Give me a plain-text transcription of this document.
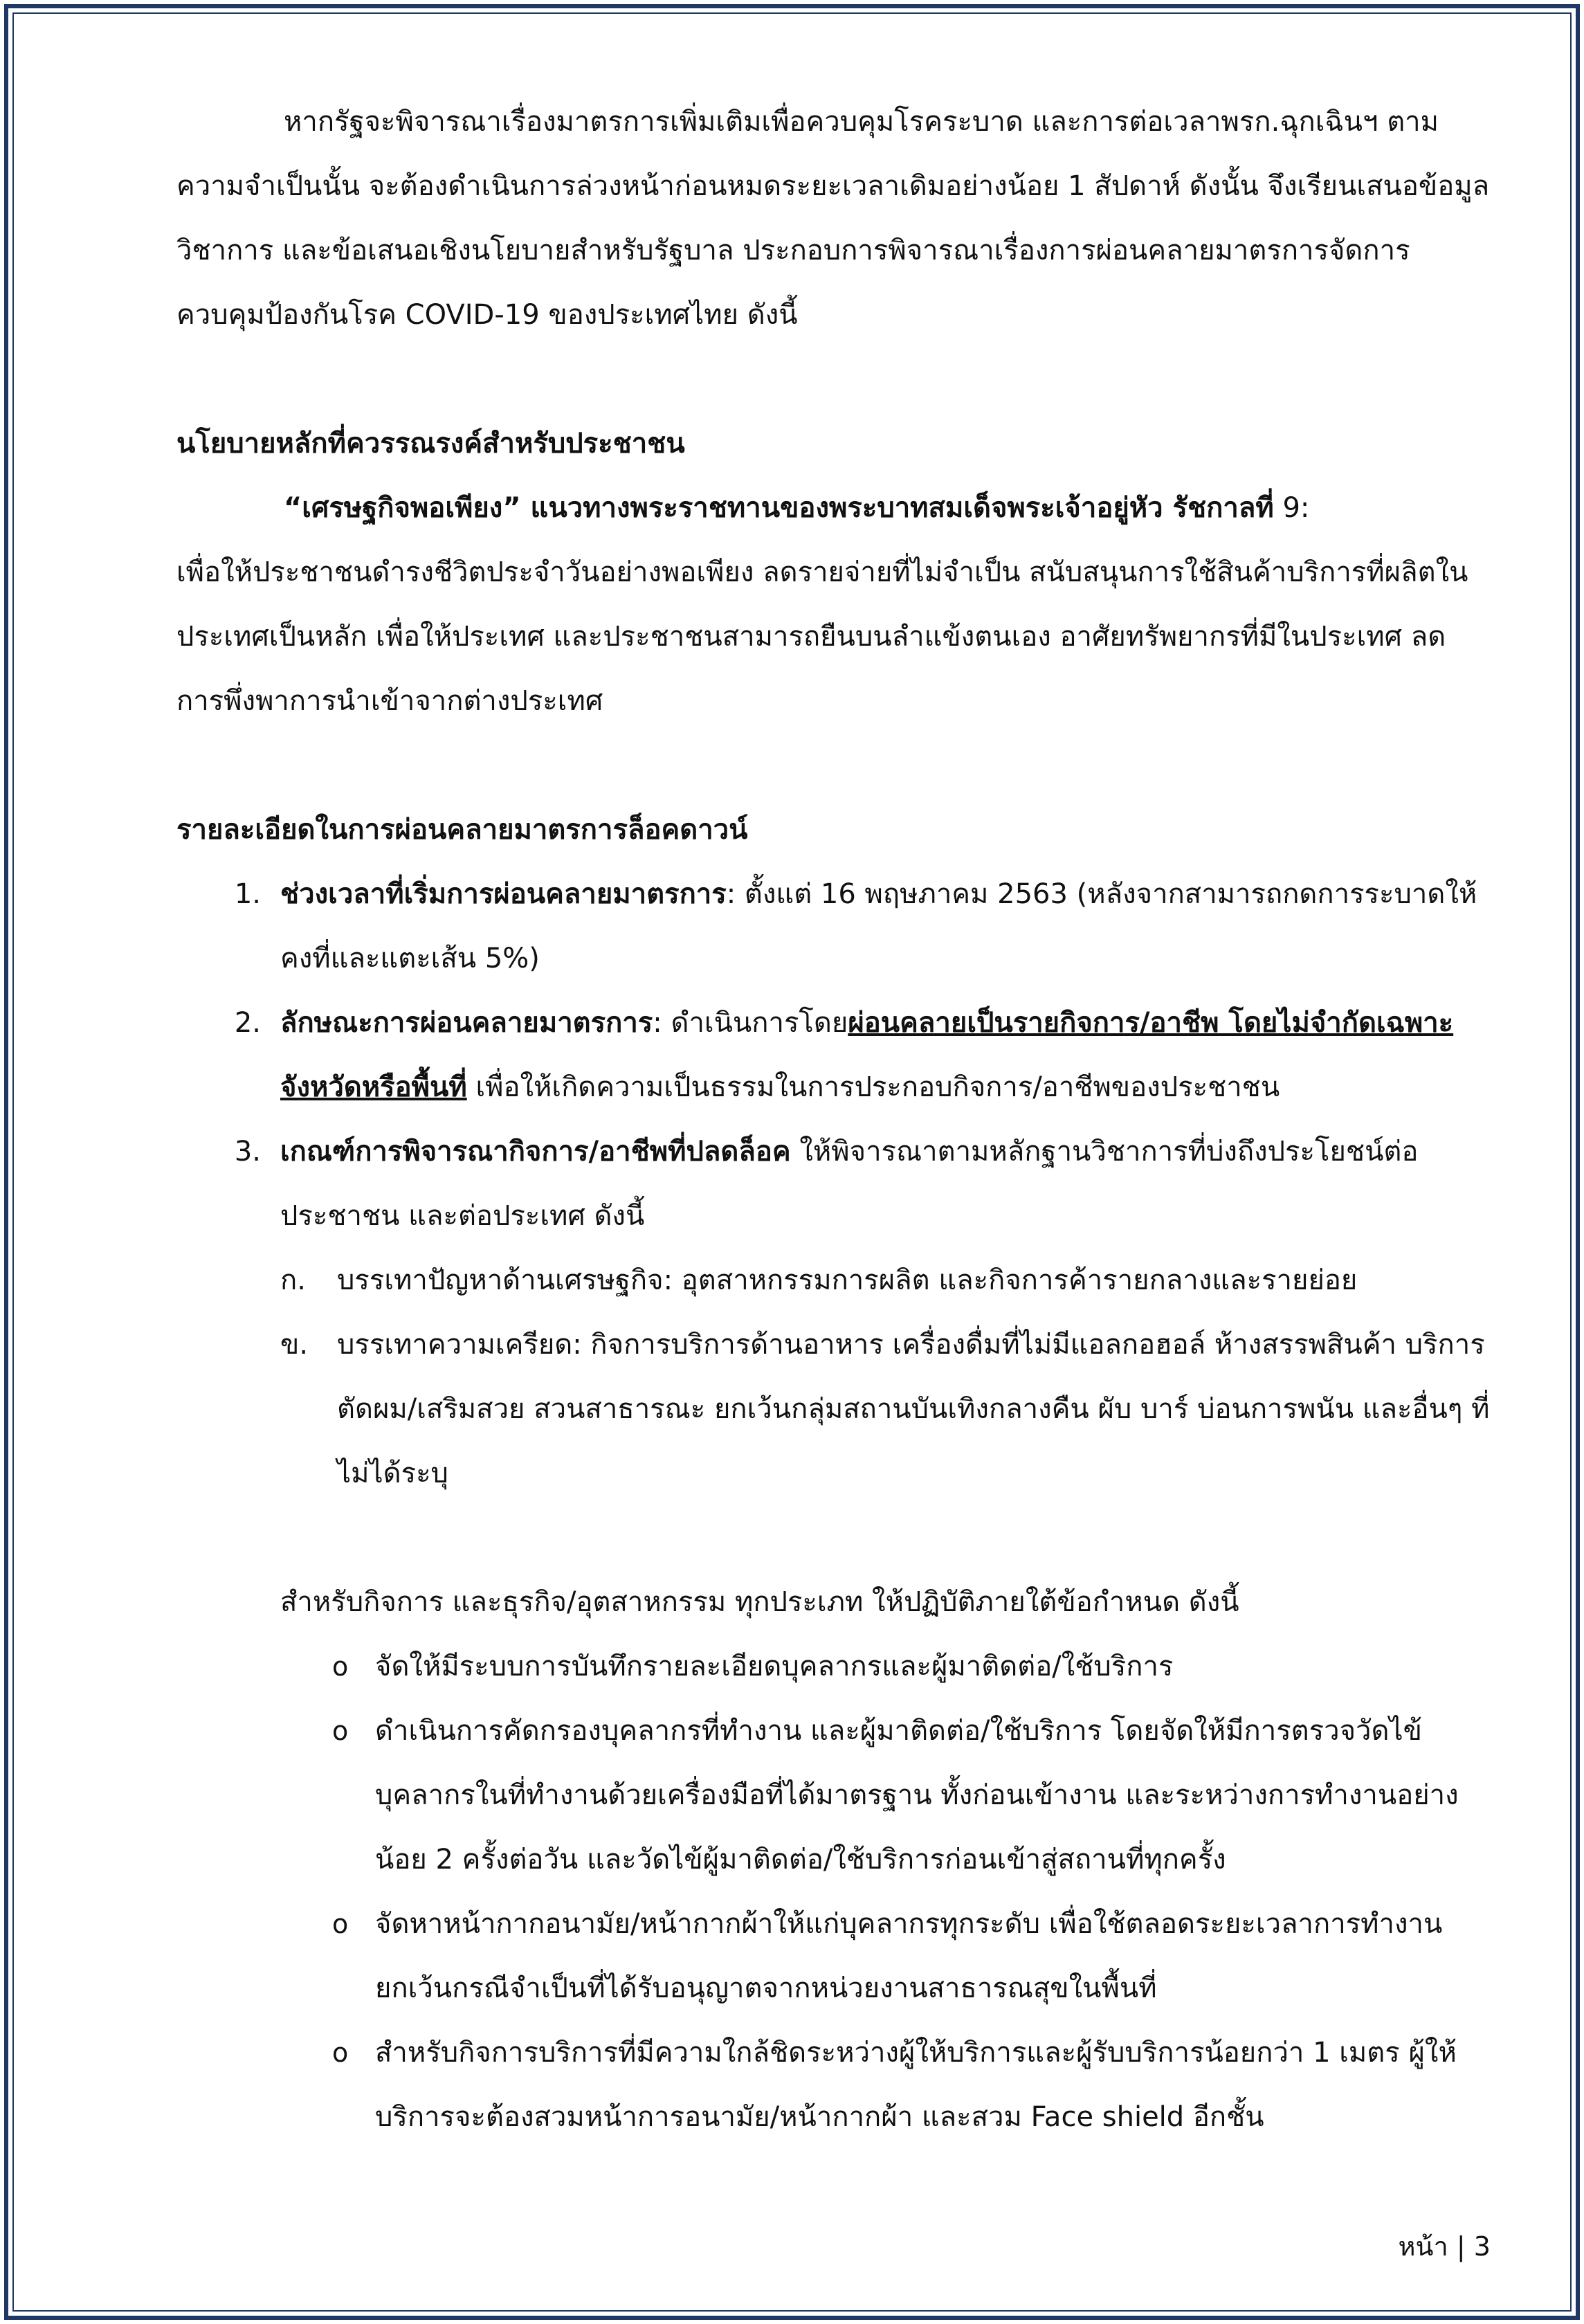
หากรัฐจะพิจารณาเรื่องมาตรการเพิ่มเติมเพื่อควบคุมโรคระบาด และการต่อเวลาพรก.ฉุกเฉินฯ ตามความจำเป็นนั้น จะต้องดำเนินการล่วงหน้าก่อนหมดระยะเวลาเดิมอย่างน้อย 1 สัปดาห์ ดังนั้น จึงเรียนเสนอข้อมูลวิชาการ และข้อเสนอเชิงนโยบายสำหรับรัฐบาล ประกอบการพิจารณาเรื่องการผ่อนคลายมาตรการจัดการควบคุมป้องกันโรค COVID-19 ของประเทศไทย ดังนี้

นโยบายหลักที่ควรรณรงค์สำหรับประชาชน

“เศรษฐกิจพอเพียง” แนวทางพระราชทานของพระบาทสมเด็จพระเจ้าอยู่หัว รัชกาลที่ 9:

เพื่อให้ประชาชนดำรงชีวิตประจำวันอย่างพอเพียง ลดรายจ่ายที่ไม่จำเป็น สนับสนุนการใช้สินค้าบริการที่ผลิตในประเทศเป็นหลัก เพื่อให้ประเทศ และประชาชนสามารถยืนบนลำแข้งตนเอง อาศัยทรัพยากรที่มีในประเทศ ลดการพึ่งพาการนำเข้าจากต่างประเทศ

รายละเอียดในการผ่อนคลายมาตรการล็อคดาวน์

1. ช่วงเวลาที่เริ่มการผ่อนคลายมาตรการ: ตั้งแต่ 16 พฤษภาคม 2563 (หลังจากสามารถกดการระบาดให้คงที่และแตะเส้น 5%)
2. ลักษณะการผ่อนคลายมาตรการ: ดำเนินการโดยผ่อนคลายเป็นรายกิจการ/อาชีพ โดยไม่จำกัดเฉพาะจังหวัดหรือพื้นที่ เพื่อให้เกิดความเป็นธรรมในการประกอบกิจการ/อาชีพของประชาชน
3. เกณฑ์การพิจารณากิจการ/อาชีพที่ปลดล็อค ให้พิจารณาตามหลักฐานวิชาการที่บ่งถึงประโยชน์ต่อประชาชน และต่อประเทศ ดังนี้
ก.	บรรเทาปัญหาด้านเศรษฐกิจ: อุตสาหกรรมการผลิต และกิจการค้ารายกลางและรายย่อย
ข.	บรรเทาความเครียด: กิจการบริการด้านอาหาร เครื่องดื่มที่ไม่มีแอลกอฮอล์ ห้างสรรพสินค้า บริการตัดผม/เสริมสวย สวนสาธารณะ ยกเว้นกลุ่มสถานบันเทิงกลางคืน ผับ บาร์ บ่อนการพนัน และอื่นๆ ที่ไม่ได้ระบุ

สำหรับกิจการ และธุรกิจ/อุตสาหกรรม ทุกประเภท ให้ปฏิบัติภายใต้ข้อกำหนด ดังนี้

o จัดให้มีระบบการบันทึกรายละเอียดบุคลากรและผู้มาติดต่อ/ใช้บริการ
o ดำเนินการคัดกรองบุคลากรที่ทำงาน และผู้มาติดต่อ/ใช้บริการ โดยจัดให้มีการตรวจวัดไข้บุคลากรในที่ทำงานด้วยเครื่องมือที่ได้มาตรฐาน ทั้งก่อนเข้างาน และระหว่างการทำงานอย่างน้อย 2 ครั้งต่อวัน และวัดไข้ผู้มาติดต่อ/ใช้บริการก่อนเข้าสู่สถานที่ทุกครั้ง
o จัดหาหน้ากากอนามัย/หน้ากากผ้าให้แก่บุคลากรทุกระดับ เพื่อใช้ตลอดระยะเวลาการทำงาน ยกเว้นกรณีจำเป็นที่ได้รับอนุญาตจากหน่วยงานสาธารณสุขในพื้นที่
o สำหรับกิจการบริการที่มีความใกล้ชิดระหว่างผู้ให้บริการและผู้รับบริการน้อยกว่า 1 เมตร ผู้ให้บริการจะต้องสวมหน้าการอนามัย/หน้ากากผ้า และสวม Face shield อีกชั้น
หน้า | 3
